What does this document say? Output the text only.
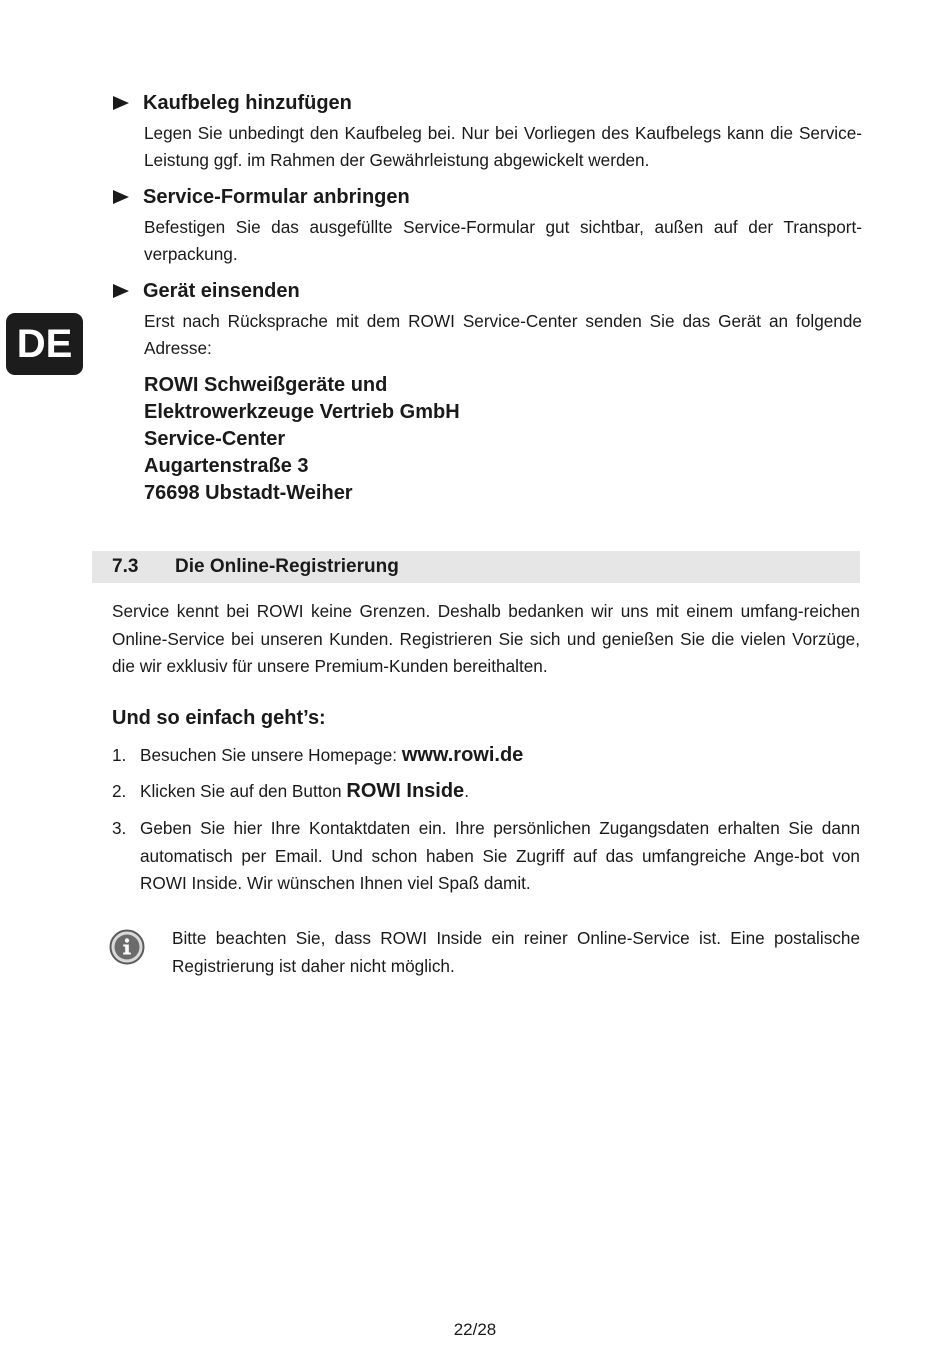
DE
Kaufbeleg hinzufügen
Legen Sie unbedingt den Kaufbeleg bei. Nur bei Vorliegen des Kaufbelegs kann die Service-Leistung ggf. im Rahmen der Gewährleistung abgewickelt werden.
Service-Formular anbringen
Befestigen Sie das ausgefüllte Service-Formular gut sichtbar, außen auf der Transport-verpackung.
Gerät einsenden
Erst nach Rücksprache mit dem ROWI Service-Center senden Sie das Gerät an folgende Adresse:
ROWI Schweißgeräte und
Elektrowerkzeuge Vertrieb GmbH
Service-Center
Augartenstraße 3
76698 Ubstadt-Weiher
7.3	Die Online-Registrierung
Service kennt bei ROWI keine Grenzen. Deshalb bedanken wir uns mit einem umfang-reichen Online-Service bei unseren Kunden. Registrieren Sie sich und genießen Sie die vielen Vorzüge, die wir exklusiv für unsere Premium-Kunden bereithalten.
Und so einfach geht’s:
1. Besuchen Sie unsere Homepage: www.rowi.de
2. Klicken Sie auf den Button ROWI Inside.
3. Geben Sie hier Ihre Kontaktdaten ein. Ihre persönlichen Zugangsdaten erhalten Sie dann automatisch per Email. Und schon haben Sie Zugriff auf das umfangreiche Ange-bot von ROWI Inside. Wir wünschen Ihnen viel Spaß damit.
Bitte beachten Sie, dass ROWI Inside ein reiner Online-Service ist. Eine postalische Registrierung ist daher nicht möglich.
22/28
